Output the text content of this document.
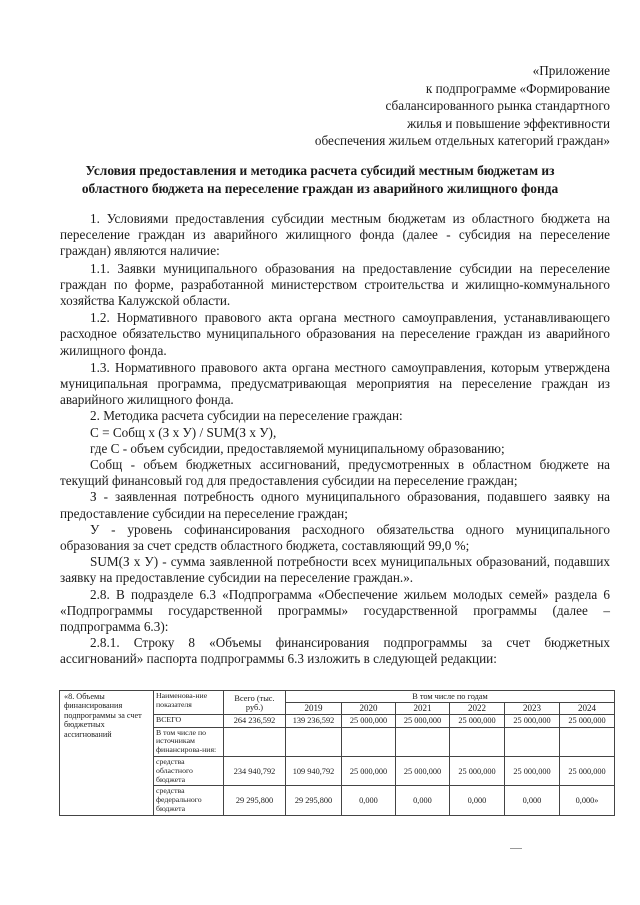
«Приложение
к подпрограмме «Формирование
сбалансированного рынка стандартного
жилья и повышение эффективности
обеспечения жильем отдельных категорий граждан»
Условия предоставления и методика расчета субсидий местным бюджетам из
областного бюджета на переселение граждан из аварийного жилищного фонда

1. Условиями предоставления субсидии местным бюджетам из областного бюджета на переселение граждан из аварийного жилищного фонда (далее - субсидия на переселение граждан) являются наличие:

1.1. Заявки муниципального образования на предоставление субсидии на переселение граждан по форме, разработанной министерством строительства и жилищно-коммунального хозяйства Калужской области.

1.2. Нормативного правового акта органа местного самоуправления, устанавливающего расходное обязательство муниципального образования на переселение граждан из аварийного жилищного фонда.

1.3. Нормативного правового акта органа местного самоуправления, которым утверждена муниципальная программа, предусматривающая мероприятия на переселение граждан из аварийного жилищного фонда.

2. Методика расчета субсидии на переселение граждан:

С = Собщ x (З x У) / SUM(З x У),

где С - объем субсидии, предоставляемой муниципальному образованию;

Собщ - объем бюджетных ассигнований, предусмотренных в областном бюджете на текущий финансовый год для предоставления субсидии на переселение граждан;

З - заявленная потребность одного муниципального образования, подавшего заявку на предоставление субсидии на переселение граждан;

У - уровень софинансирования расходного обязательства одного муниципального образования за счет средств областного бюджета, составляющий 99,0 %;

SUM(З x У) - сумма заявленной потребности всех муниципальных образований, подавших заявку на предоставление субсидии на переселение граждан.».

2.8. В подразделе 6.3 «Подпрограмма «Обеспечение жильем молодых семей» раздела 6 «Подпрограммы государственной программы» государственной программы (далее – подпрограмма 6.3):

2.8.1. Строку 8 «Объемы финансирования подпрограммы за счет бюджетных ассигнований» паспорта подпрограммы 6.3 изложить в следующей редакции:

«8. Объемы финансирования подпрограммы за счет бюджетных ассигнований	Наименова-ние показателя	Всего (тыс. руб.)	В том числе по годам					
			2019	2020	2021	2022	2023	2024
	ВСЕГО	264 236,592	139 236,592	25 000,000	25 000,000	25 000,000	25 000,000	25 000,000
	В том числе по источникам финансирова-ния:							
	средства областного бюджета	234 940,792	109 940,792	25 000,000	25 000,000	25 000,000	25 000,000	25 000,000
	средства федерального бюджета	29 295,800	29 295,800	0,000	0,000	0,000	0,000	0,000»
